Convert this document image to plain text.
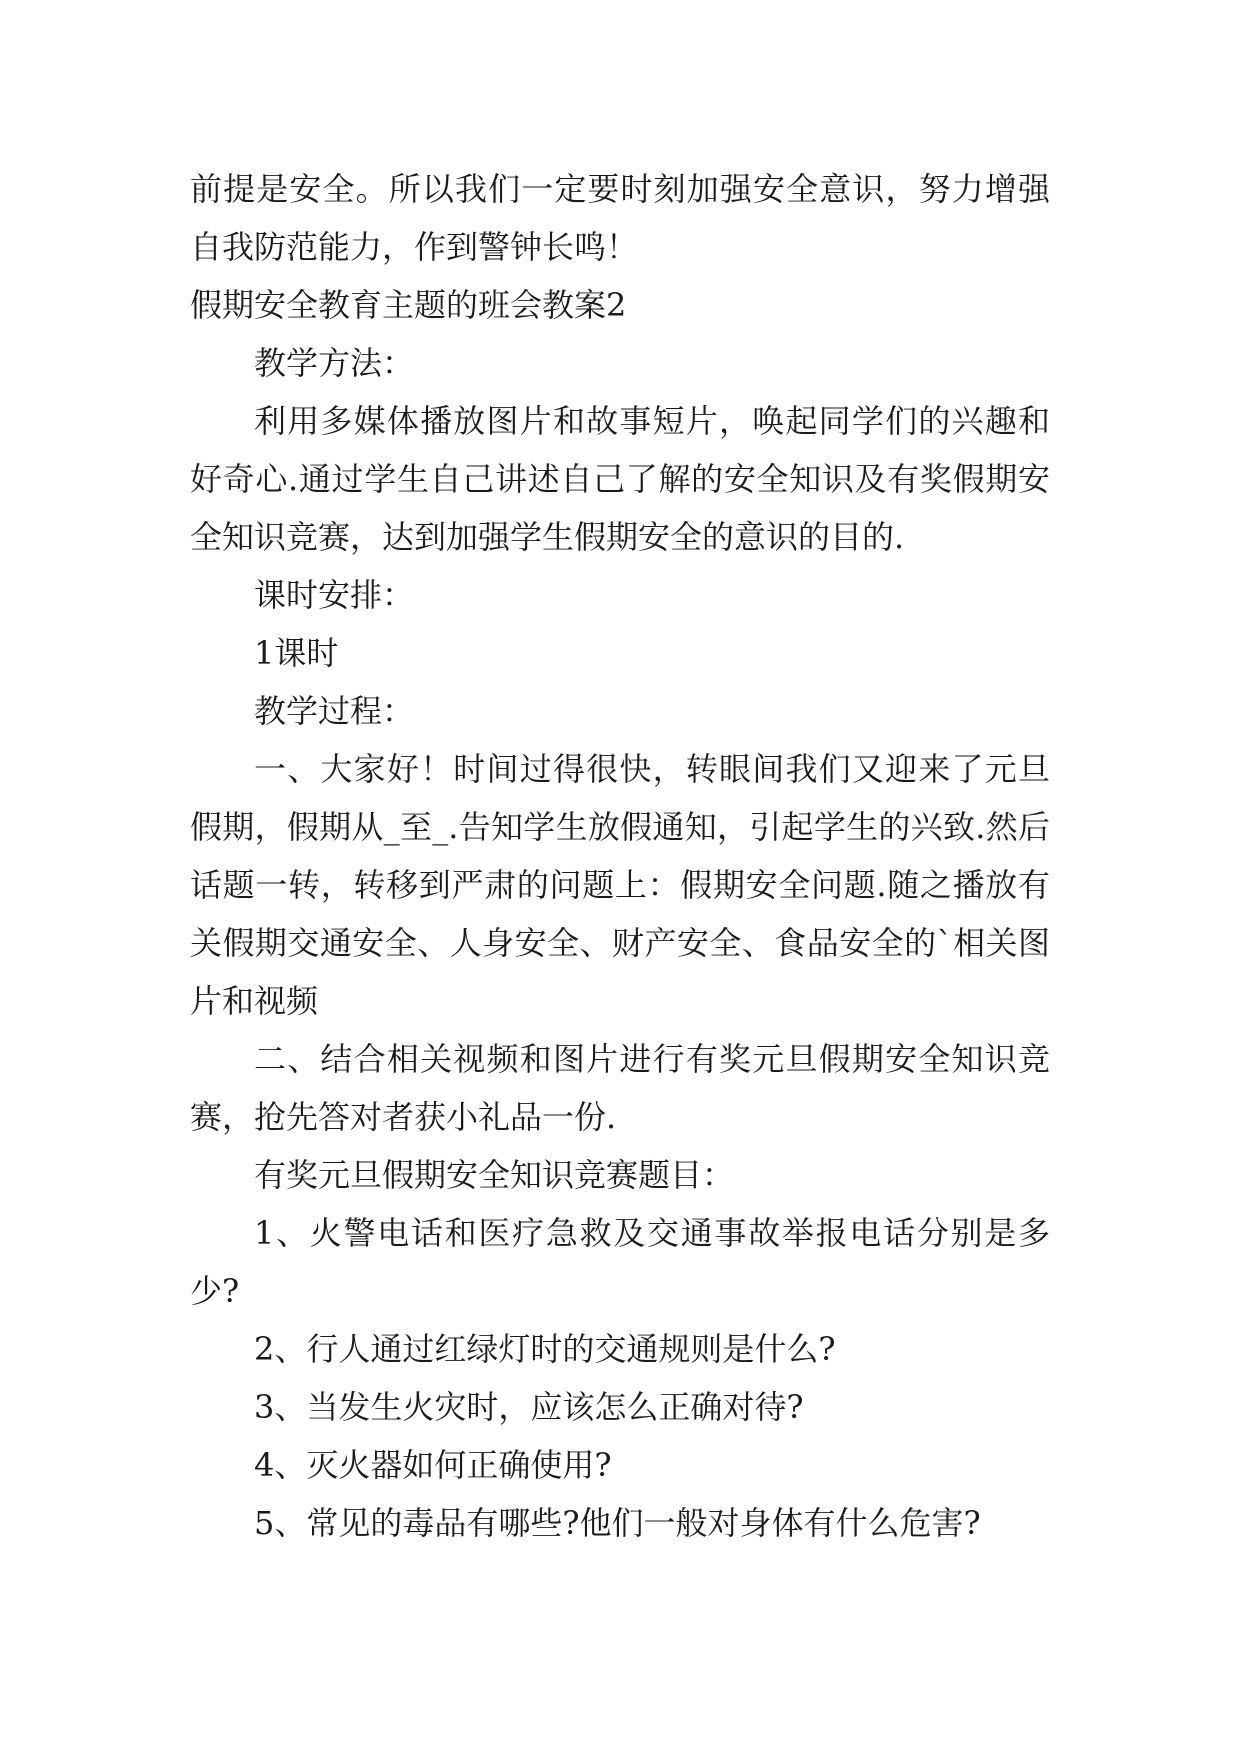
前提是安全。所以我们一定要时刻加强安全意识，努力增强自我防范能力，作到警钟长鸣！

假期安全教育主题的班会教案2

教学方法：

利用多媒体播放图片和故事短片，唤起同学们的兴趣和好奇心.通过学生自己讲述自己了解的安全知识及有奖假期安全知识竞赛，达到加强学生假期安全的意识的目的.

课时安排：

1课时

教学过程：

一、大家好！时间过得很快，转眼间我们又迎来了元旦假期，假期从_至_.告知学生放假通知，引起学生的兴致.然后话题一转，转移到严肃的问题上：假期安全问题.随之播放有关假期交通安全、人身安全、财产安全、食品安全的`相关图片和视频

二、结合相关视频和图片进行有奖元旦假期安全知识竞赛，抢先答对者获小礼品一份.

有奖元旦假期安全知识竞赛题目：

1、火警电话和医疗急救及交通事故举报电话分别是多少?

2、行人通过红绿灯时的交通规则是什么?

3、当发生火灾时，应该怎么正确对待?

4、灭火器如何正确使用?

5、常见的毒品有哪些?他们一般对身体有什么危害?
